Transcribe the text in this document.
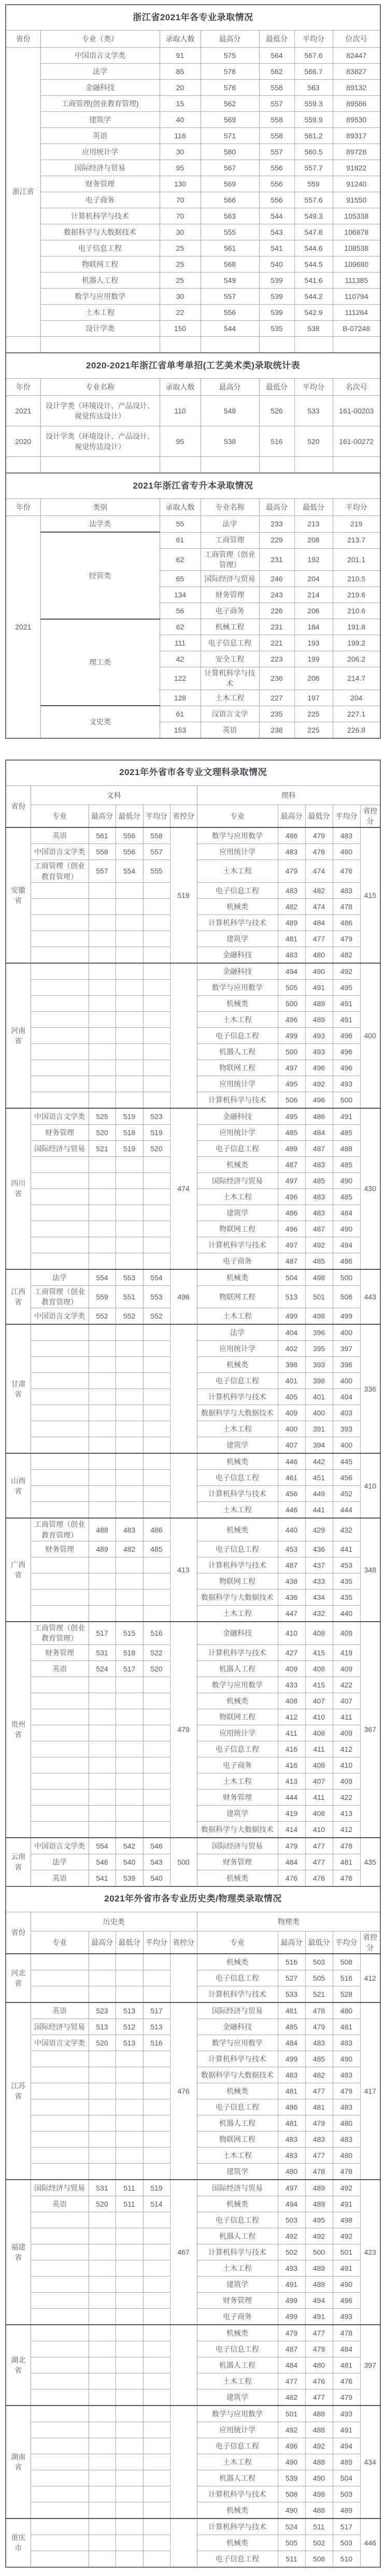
浙江省2021年各专业录取情况						
省份	专业（类）	录取人数	最高分	最低分	平均分	位次号
浙江省	中国语言文学类	91	575	564	567.6	82447
	法学	85	576	562	566.7	83827
	金融科技	20	576	558	563	89132
	工商管理(创业教育管理)	15	562	557	559.3	89586
	建筑学	40	569	558	559.9	89530
	英语	116	571	558	561.2	89317
	应用统计学	30	580	557	560.5	89728
	国际经济与贸易	95	567	556	557.7	91822
	财务管理	130	569	556	559	91240
	电子商务	70	566	556	557.6	91550
	计算机科学与技术	70	563	544	549.3	105338
	数据科学与大数据技术	30	555	543	547.8	106878
	电子信息工程	25	561	541	544.6	108538
	物联网工程	25	568	540	544.5	109680
	机器人工程	25	549	539	541.6	111385
	数学与应用数学	30	557	539	544.2	110794
	土木工程	22	556	539	542.9	111264
	设计学类	150	544	535	538	B-07248

2020-2021年浙江省单考单招(工艺美术类)录取统计表						
年份	专业名称	录取人数	最高分	最低分	平均分	名次号
2021	设计学类（环境设计、产品设计、视觉传达设计）	110	549	526	533	161-00203
2020	设计学类（环境设计、产品设计、视觉传达设计）	95	538	516	520	161-00272

2021年浙江省专升本录取情况						
年份	类别	录取人数	专业名称	最高分	最低分	平均分
2021	法学类	55	法学	233	213	219
	经管类	61	工商管理	229	208	213.7
		62	工商管理（创业管理）	231	192	201.1
		65	国际经济与贸易	246	204	210.5
		134	财务管理	243	214	219.6
		56	电子商务	226	206	210.6
	理工类	62	机械工程	231	184	191.8
		111	电子信息工程	221	193	199.2
		42	安全工程	223	199	206.2
		122	计算机科学与技术	236	208	214.7
		128	土木工程	227	197	204
	文史类	61	汉语言文学	235	225	227.1
		153	英语	238	225	226.8
2021年外省市各专业文理科录取情况										
省份	文科					理科				
	专业	最高分	最低分	平均分	省控分	专业	最高分	最低分	平均分	省控分
安徽省	英语	561	556	558	519	数学与应用数学	486	479	483	415
	中国语言文学类	558	556	557		应用统计学	483	476	480	
	工商管理（创业教育管理）	557	554	555		土木工程	479	474	476	
						电子信息工程	483	482	483	
						机械类	482	474	478	
						计算机科学与技术	489	484	486	
						建筑学	481	477	479	
						金融科技	483	480	482	
河南省						金融科技	494	490	492	400
						数学与应用数学	505	491	495	
						机械类	500	489	491	
						土木工程	496	489	491	
						电子信息工程	499	493	496	
						机器人工程	500	493	496	
						物联网工程	497	496	496	
						应用统计学	495	492	493	
						计算机科学与技术	506	496	500	
四川省	中国语言文学类	525	519	523	474	金融科技	495	486	491	430
	财务管理	520	518	519		应用统计学	485	484	485	
	国际经济与贸易	521	519	520		电子信息工程	489	487	488	
						机械类	487	483	485	
						国际经济与贸易	497	485	490	
						土木工程	496	483	485	
						建筑学	486	483	484	
						物联网工程	496	487	490	
						计算机科学与技术	497	492	494	
						电子商务	487	485	486	
江西省	法学	554	553	554	496	机械类	504	498	500	443
	工商管理（创业教育管理）	559	551	553		物联网工程	513	501	506	
	中国语言文学类	552	552	552		土木工程	499	498	499	
甘肃省						法学	404	396	400	336
						应用统计学	402	395	397	
						机械类	398	393	396	
						电子信息工程	401	398	400	
						计算机科学与技术	405	401	404	
						数据科学与大数据技术	409	400	403	
						土木工程	400	391	393	
						建筑学	407	394	400	
山西省						机械类	446	442	445	410
						电子信息工程	461	451	456	
						计算机科学与技术	456	449	452	
						土木工程	446	441	444	
广西省	工商管理（创业教育管理）	488	483	486	413	机械类	440	429	432	348
	财务管理	489	482	485		电子信息工程	453	436	441	
						计算机科学与技术	487	437	453	
						物联网工程	438	433	435	
						数据科学与大数据技术	436	434	435	
						土木工程	447	432	440	
贵州省	工商管理（创业教育管理）	517	515	516	479	金融科技	410	408	409	367
	财务管理	531	518	522		计算机科学与技术	427	415	419	
	英语	524	517	520		机器人工程	409	408	409	
						数学与应用数学	433	415	422	
						机械类	408	407	407	
						物联网工程	412	410	411	
						应用统计学	411	408	409	
						电子信息工程	416	411	412	
						电子商务	416	408	410	
						土木工程	413	407	409	
						财务管理	444	411	422	
						建筑学	419	408	413	
						数据科学与大数据技术	414	410	412	
云南省	中国语言文学类	554	542	546	500	国际经济与贸易	479	477	478	435
	法学	546	540	543		财务管理	484	477	481	
	英语	541	539	540		机械类	476	476	476	
2021年外省市各专业历史类/物理类录取情况										
省份	历史类					物理类				
	专业	最高分	最低分	平均分	省控分	专业	最高分	最低分	平均分	省控分
河北省						机械类	516	503	508	412
						电子信息工程	527	505	516	
						计算机科学与技术	533	521	528	
江苏省	英语	523	513	517	476	国际经济与贸易	481	478	480	417
	国际经济与贸易	513	512	513		金融科技	485	479	481	
	中国语言文学类	520	513	516		数学与应用数学	484	483	483	
						计算机科学与技术	499	485	490	
						数据科学与大数据技术	483	482	483	
						机械类	481	477	479	
						电子信息工程	486	481	483	
						机器人工程	481	479	480	
						物联网工程	483	483	483	
						土木工程	483	477	480	
						建筑学	480	478	478	
福建省	国际经济与贸易	531	511	519	467	国际经济与贸易	497	489	492	423
	英语	520	511	514		机械类	494	489	491	
						电子信息工程	503	495	498	
						机器人工程	492	492	492	
						计算机科学与技术	502	500	501	
						土木工程	493	489	491	
						建筑学	491	489	490	
						财务管理	499	494	496	
						电子商务	499	491	493	
湖北省						机械类	479	477	478	397
						电子信息工程	487	479	484	
						机器人工程	484	480	481	
						土木工程	477	476	476	
						建筑学	482	477	479	
湖南省						数学与应用数学	501	488	493	434
						应用统计学	492	488	491	
						电子信息工程	496	492	494	
						土木工程	490	488	489	
						机器人工程	539	490	504	
						计算机科学与技术	508	498	503	
						机械类	490	488	489	
重庆市						计算机科学与技术	524	511	517	446
						机械类	505	502	503	
						电子信息工程	511	508	510	
